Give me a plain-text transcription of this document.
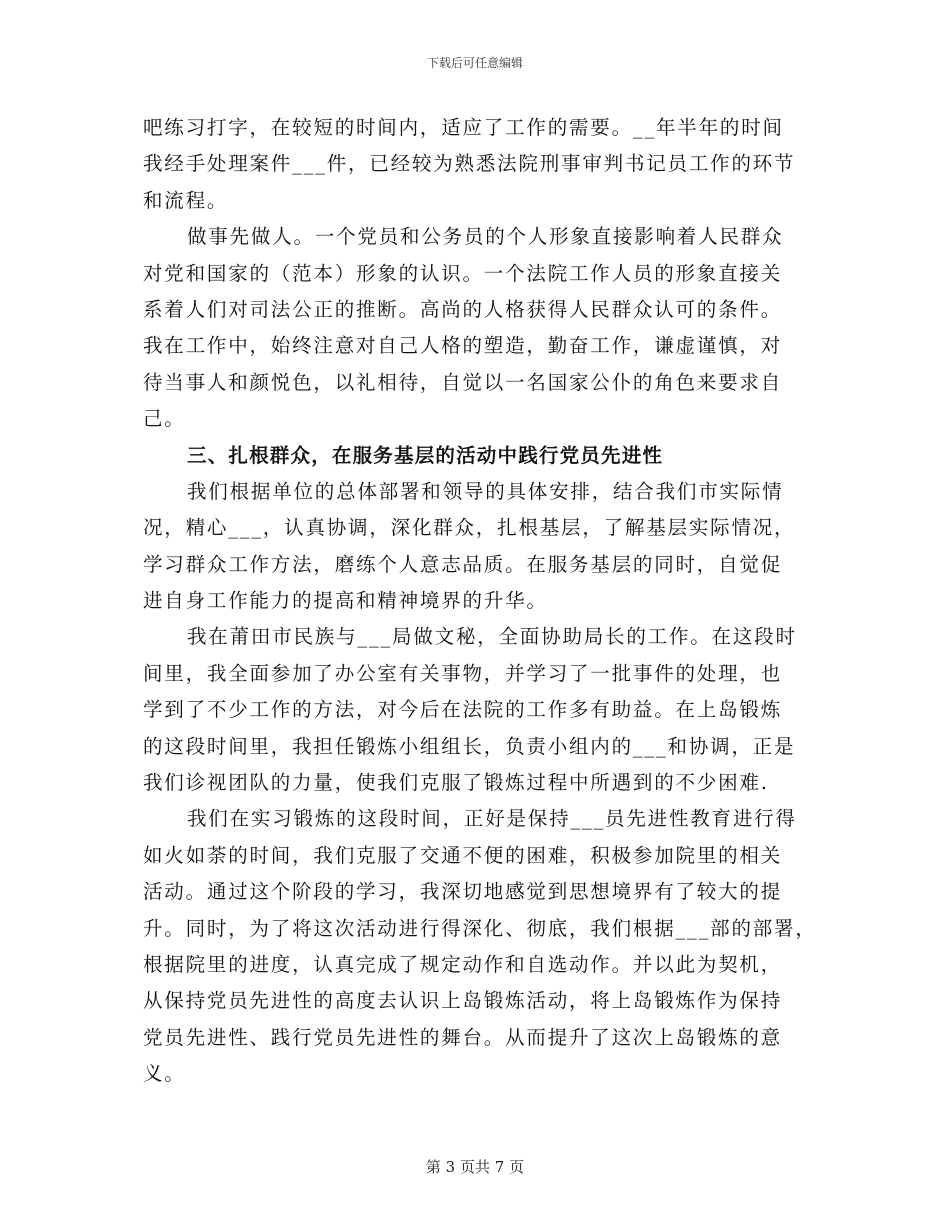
下载后可任意编辑
吧练习打字，在较短的时间内，适应了工作的需要。__年半年的时间
我经手处理案件___件，已经较为熟悉法院刑事审判书记员工作的环节
和流程。
做事先做人。一个党员和公务员的个人形象直接影响着人民群众
对党和国家的（范本）形象的认识。一个法院工作人员的形象直接关
系着人们对司法公正的推断。高尚的人格获得人民群众认可的条件。
我在工作中，始终注意对自己人格的塑造，勤奋工作，谦虚谨慎，对
待当事人和颜悦色，以礼相待，自觉以一名国家公仆的角色来要求自
己。
三、扎根群众，在服务基层的活动中践行党员先进性
我们根据单位的总体部署和领导的具体安排，结合我们市实际情
况，精心___，认真协调，深化群众，扎根基层，了解基层实际情况，
学习群众工作方法，磨练个人意志品质。在服务基层的同时，自觉促
进自身工作能力的提高和精神境界的升华。
我在莆田市民族与___局做文秘，全面协助局长的工作。在这段时
间里，我全面参加了办公室有关事物，并学习了一批事件的处理，也
学到了不少工作的方法，对今后在法院的工作多有助益。在上岛锻炼
的这段时间里，我担任锻炼小组组长，负责小组内的___和协调，正是
我们诊视团队的力量，使我们克服了锻炼过程中所遇到的不少困难.
我们在实习锻炼的这段时间，正好是保持___员先进性教育进行得
如火如荼的时间，我们克服了交通不便的困难，积极参加院里的相关
活动。通过这个阶段的学习，我深切地感觉到思想境界有了较大的提
升。同时，为了将这次活动进行得深化、彻底，我们根据___部的部署，
根据院里的进度，认真完成了规定动作和自选动作。并以此为契机，
从保持党员先进性的高度去认识上岛锻炼活动，将上岛锻炼作为保持
党员先进性、践行党员先进性的舞台。从而提升了这次上岛锻炼的意
义。
第 3 页共 7 页
